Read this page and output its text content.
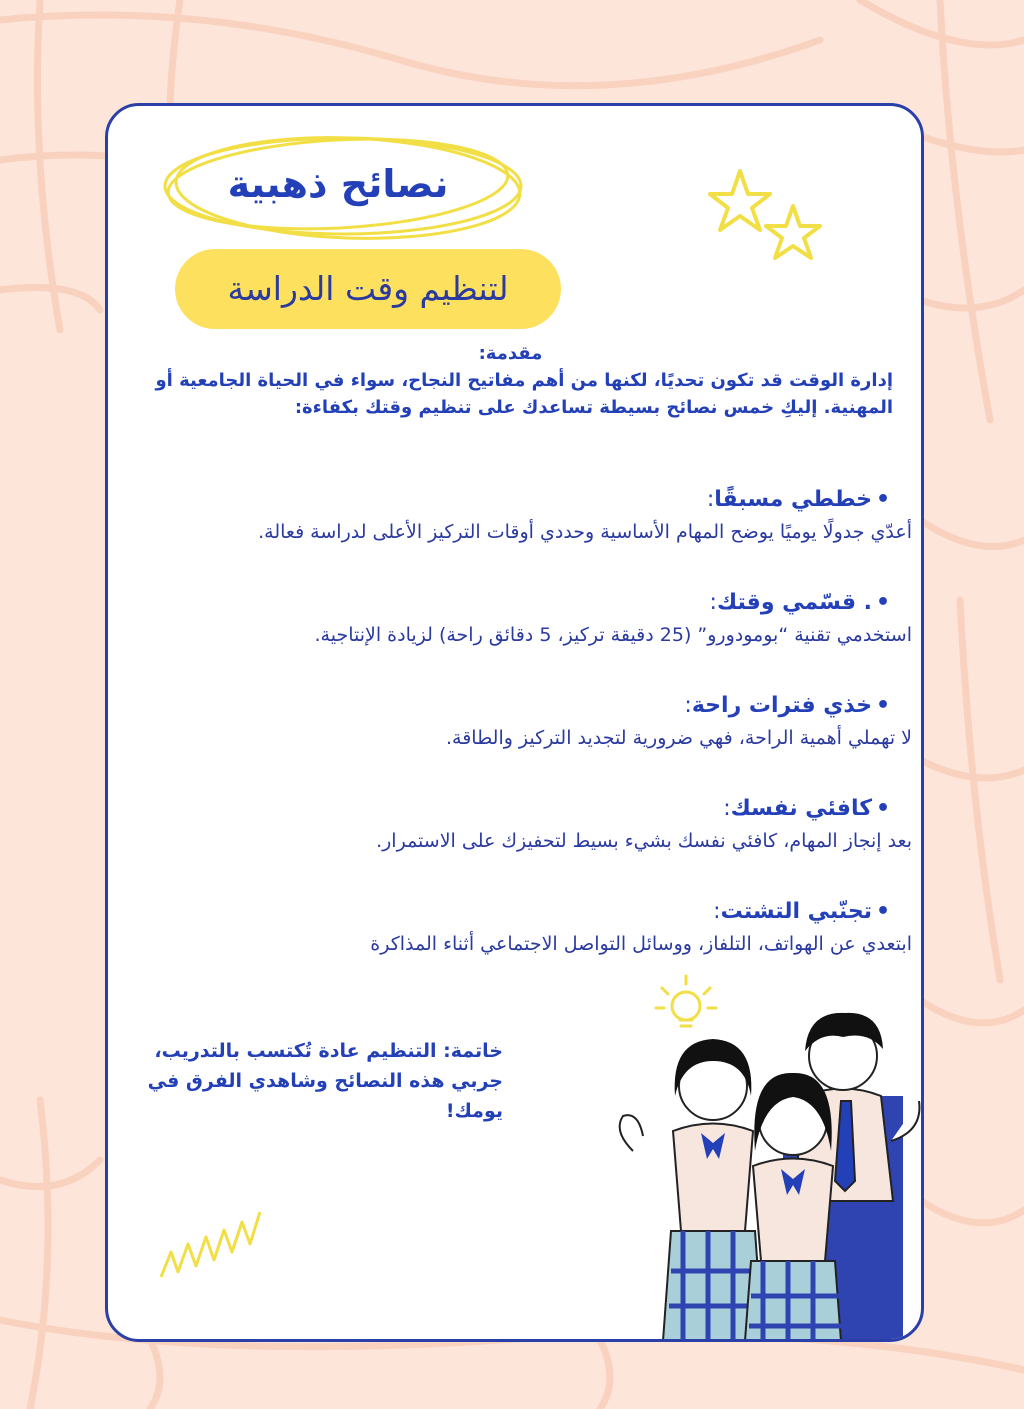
نصائح ذهبية
لتنظيم وقت الدراسة
مقدمة:
إدارة الوقت قد تكون تحديًا، لكنها من أهم مفاتيح النجاح، سواء في الحياة الجامعية أو
المهنية. إليكِ خمس نصائح بسيطة تساعدك على تنظيم وقتك بكفاءة:
•
خططي مسبقًا:
أعدّي جدولًا يوميًا يوضح المهام الأساسية وحددي أوقات التركيز الأعلى لدراسة فعالة.
•
. قسّمي وقتك:
استخدمي تقنية “بومودورو” (25 دقيقة تركيز، 5 دقائق راحة) لزيادة الإنتاجية.
•
خذي فترات راحة:
لا تهملي أهمية الراحة، فهي ضرورية لتجديد التركيز والطاقة.
•
كافئي نفسك:
بعد إنجاز المهام، كافئي نفسك بشيء بسيط لتحفيزك على الاستمرار.
•
تجنّبي التشتت:
ابتعدي عن الهواتف، التلفاز، ووسائل التواصل الاجتماعي أثناء المذاكرة
خاتمة: التنظيم عادة تُكتسب بالتدريب،
جربي هذه النصائح وشاهدي الفرق في
يومك!
